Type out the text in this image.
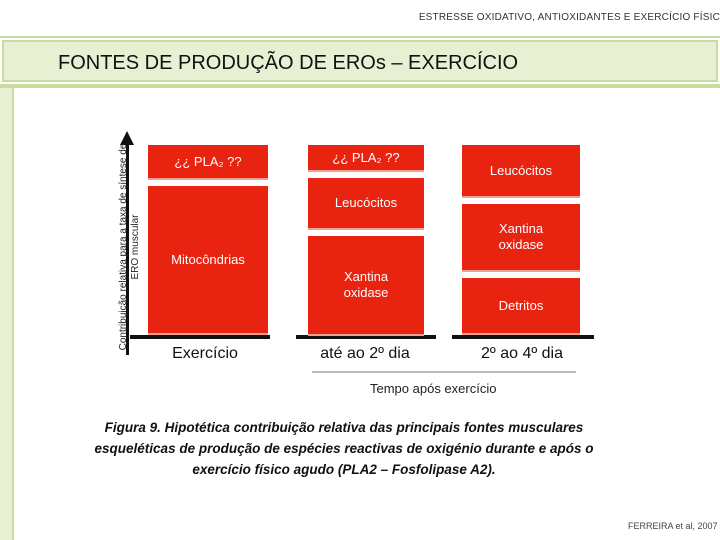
ESTRESSE OXIDATIVO, ANTIOXIDANTES E EXERCÍCIO FÍSIC
FONTES DE PRODUÇÃO DE EROs – EXERCÍCIO
Contribuição relativa para a taxa de síntese de ERO muscular
¿¿ PLA₂ ??
Mitocôndrias
¿¿ PLA₂ ??
Leucócitos
Xantina oxidase
Leucócitos
Xantina oxidase
Detritos
Exercício	até ao 2º dia	2º ao 4º dia
Tempo após exercício
Figura 9. Hipotética contribuição relativa das principais fontes musculares esqueléticas de produção de espécies reactivas de oxigénio durante e após o exercício físico agudo (PLA2 – Fosfolipase A2).
FERREIRA et al, 2007
